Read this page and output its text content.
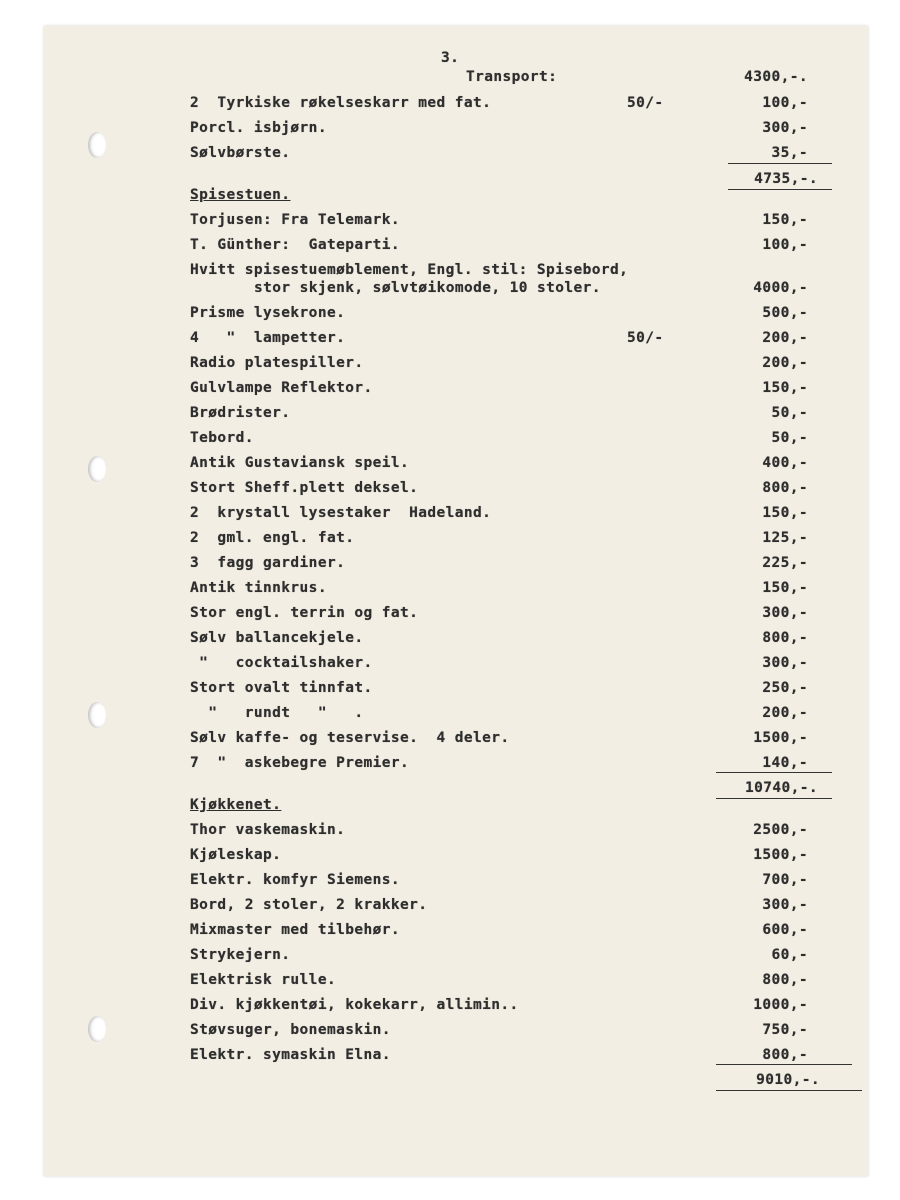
3.
Transport:	4300,-.
2  Tyrkiske røkelseskarr med fat.	50/-	100,-
Porcl. isbjørn.	300,-
Sølvbørste.	35,-
4735,-.
Spisestuen.
Torjusen: Fra Telemark.	150,-
T. Günther:  Gateparti.	100,-
Hvitt spisestuemøblement, Engl. stil: Spisebord,
stor skjenk, sølvtøikomode, 10 stoler.	4000,-
Prisme lysekrone.	500,-
4   "  lampetter.	50/-	200,-
Radio platespiller.	200,-
Gulvlampe Reflektor.	150,-
Brødrister.	50,-
Tebord.	50,-
Antik Gustaviansk speil.	400,-
Stort Sheff.plett deksel.	800,-
2  krystall lysestaker  Hadeland.	150,-
2  gml. engl. fat.	125,-
3  fagg gardiner.	225,-
Antik tinnkrus.	150,-
Stor engl. terrin og fat.	300,-
Sølv ballancekjele.	800,-
"   cocktailshaker.	300,-
Stort ovalt tinnfat.	250,-
"   rundt   "   .	200,-
Sølv kaffe- og teservise.  4 deler.	1500,-
7  "  askebegre Premier.	140,-
10740,-.
Kjøkkenet.
Thor vaskemaskin.	2500,-
Kjøleskap.	1500,-
Elektr. komfyr Siemens.	700,-
Bord, 2 stoler, 2 krakker.	300,-
Mixmaster med tilbehør.	600,-
Strykejern.	60,-
Elektrisk rulle.	800,-
Div. kjøkkentøi, kokekarr, allimin..	1000,-
Støvsuger, bonemaskin.	750,-
Elektr. symaskin Elna.	800,-
9010,-.
